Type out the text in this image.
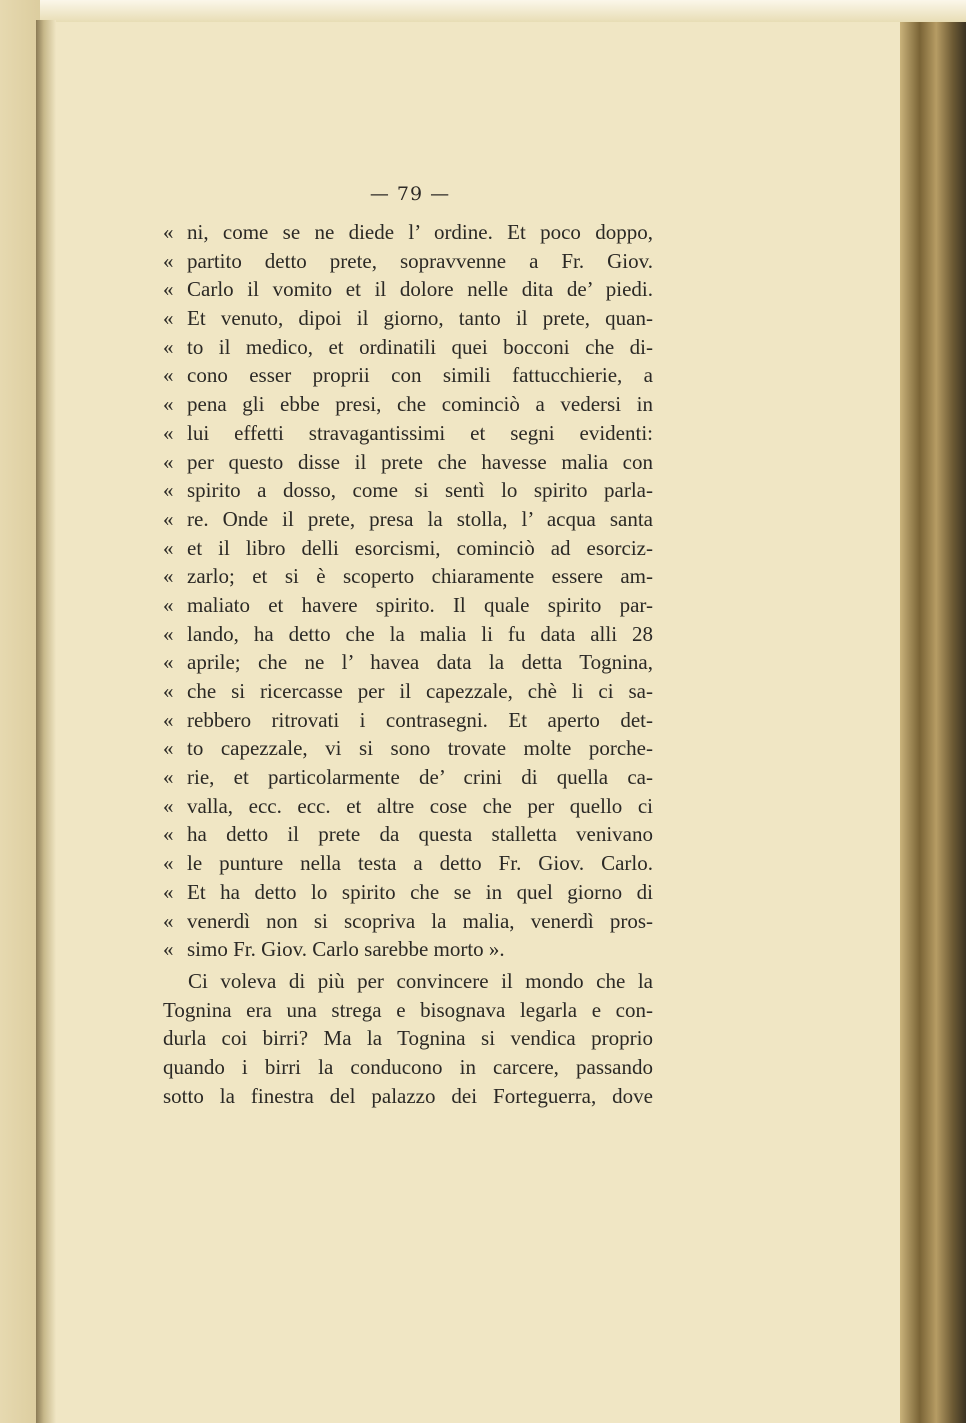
— 79 —
« ni, come se ne diede l’ ordine. Et poco doppo,
« partito detto prete, sopravvenne a Fr. Giov.
« Carlo il vomito et il dolore nelle dita de’ piedi.
« Et venuto, dipoi il giorno, tanto il prete, quan-
« to il medico, et ordinatili quei bocconi che di-
« cono esser proprii con simili fattucchierie, a
« pena gli ebbe presi, che cominciò a vedersi in
« lui effetti stravagantissimi et segni evidenti:
« per questo disse il prete che havesse malia con
« spirito a dosso, come si sentì lo spirito parla-
« re. Onde il prete, presa la stolla, l’ acqua santa
« et il libro delli esorcismi, cominciò ad esorciz-
« zarlo; et si è scoperto chiaramente essere am-
« maliato et havere spirito. Il quale spirito par-
« lando, ha detto che la malia li fu data alli 28
« aprile; che ne l’ havea data la detta Tognina,
« che si ricercasse per il capezzale, chè li ci sa-
« rebbero ritrovati i contrasegni. Et aperto det-
« to capezzale, vi si sono trovate molte porche-
« rie, et particolarmente de’ crini di quella ca-
« valla, ecc. ecc. et altre cose che per quello ci
« ha detto il prete da questa stalletta venivano
« le punture nella testa a detto Fr. Giov. Carlo.
« Et ha detto lo spirito che se in quel giorno di
« venerdì non si scopriva la malia, venerdì pros-
« simo Fr. Giov. Carlo sarebbe morto ».
Ci voleva di più per convincere il mondo che la
Tognina era una strega e bisognava legarla e con-
durla coi birri? Ma la Tognina si vendica proprio
quando i birri la conducono in carcere, passando
sotto la finestra del palazzo dei Forteguerra, dove
